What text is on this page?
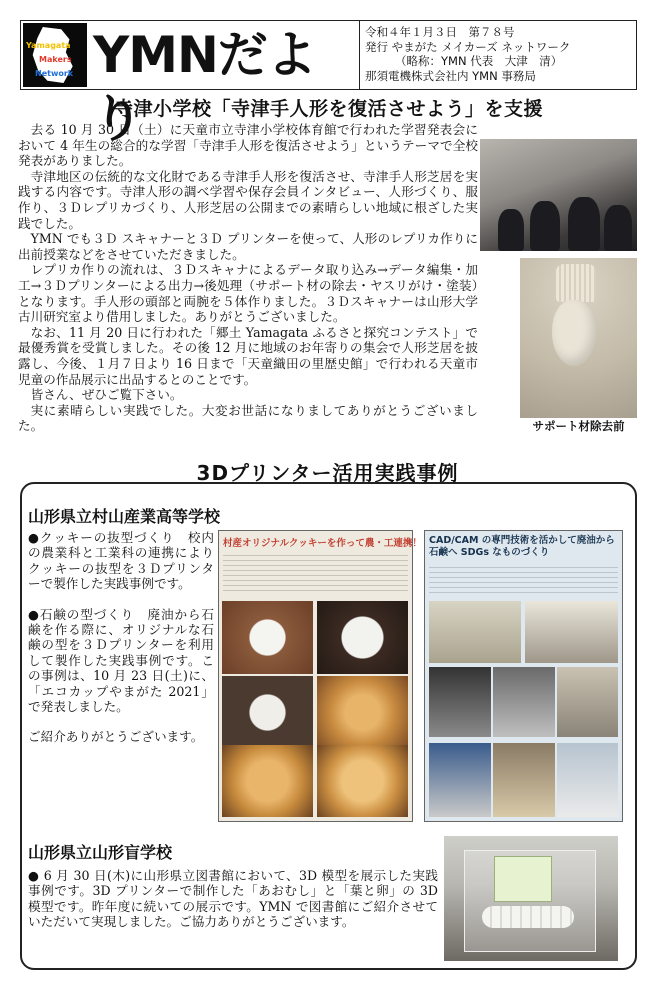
Yamagata
Makers
Network YMNだより
令和４年１月３日　第７８号
発行 やまがた メイカーズ ネットワーク
（略称：YMN 代表　大津　清）
那須電機株式会社内 YMN 事務局
寺津小学校「寺津手人形を復活させよう」を支援

去る 10 月 30 日（土）に天童市立寺津小学校体育館で行われた学習発表会において 4 年生の総合的な学習「寺津手人形を復活させよう」というテーマで全校発表がありました。

寺津地区の伝統的な文化財である寺津手人形を復活させ、寺津手人形芝居を実践する内容です。寺津人形の調べ学習や保存会員インタビュー、人形づくり、服作り、３Ｄレプリカづくり、人形芝居の公開までの素晴らしい地域に根ざした実践でした。

YMN でも３Ｄ スキャナーと３Ｄ プリンターを使って、人形のレプリカ作りに出前授業などをさせていただきました。

レプリカ作りの流れは、３Ｄスキャナによるデータ取り込み→データ編集・加工→３Ｄプリンターによる出力→後処理（サポート材の除去・ヤスリがけ・塗装）となります。手人形の頭部と両腕を５体作りました。３Ｄスキャナーは山形大学古川研究室より借用しました。ありがとうございました。

なお、11 月 20 日に行われた「郷土 Yamagata ふるさと探究コンテスト」で最優秀賞を受賞しました。その後 12 月に地域のお年寄りの集会で人形芝居を披露し、今後、１月７日より 16 日まで「天童織田の里歴史館」で行われる天童市児童の作品展示に出品するとのことです。

皆さん、ぜひご覧下さい。

実に素晴らしい実践でした。大変お世話になりましてありがとうございました。	サポート材除去前
3Dプリンター活用実践事例
山形県立村山産業高等学校

●クッキーの抜型づくり　校内の農業科と工業科の連携によりクッキーの抜型を３Ｄプリンターで製作した実践事例です。

●石鹸の型づくり　廃油から石鹸を作る際に、オリジナルな石鹸の型を３Ｄプリンターを利用して製作した実践事例です。この事例は、10 月 23 日(土)に、「エコカップやまがた 2021」で発表しました。

ご紹介ありがとうございます。

村産オリジナルクッキーを作って農・工連携！ CAD/CAM の専門技術を活かして廃油から石鹸へ SDGs なものづくり
山形県立山形盲学校
● 6 月 30 日(木)に山形県立図書館において、3D 模型を展示した実践事例です。3D プリンターで制作した「あおむし」と「葉と卵」の 3D 模型です。昨年度に続いての展示です。YMN で図書館にご紹介させていただいて実現しました。ご協力ありがとうございます。
